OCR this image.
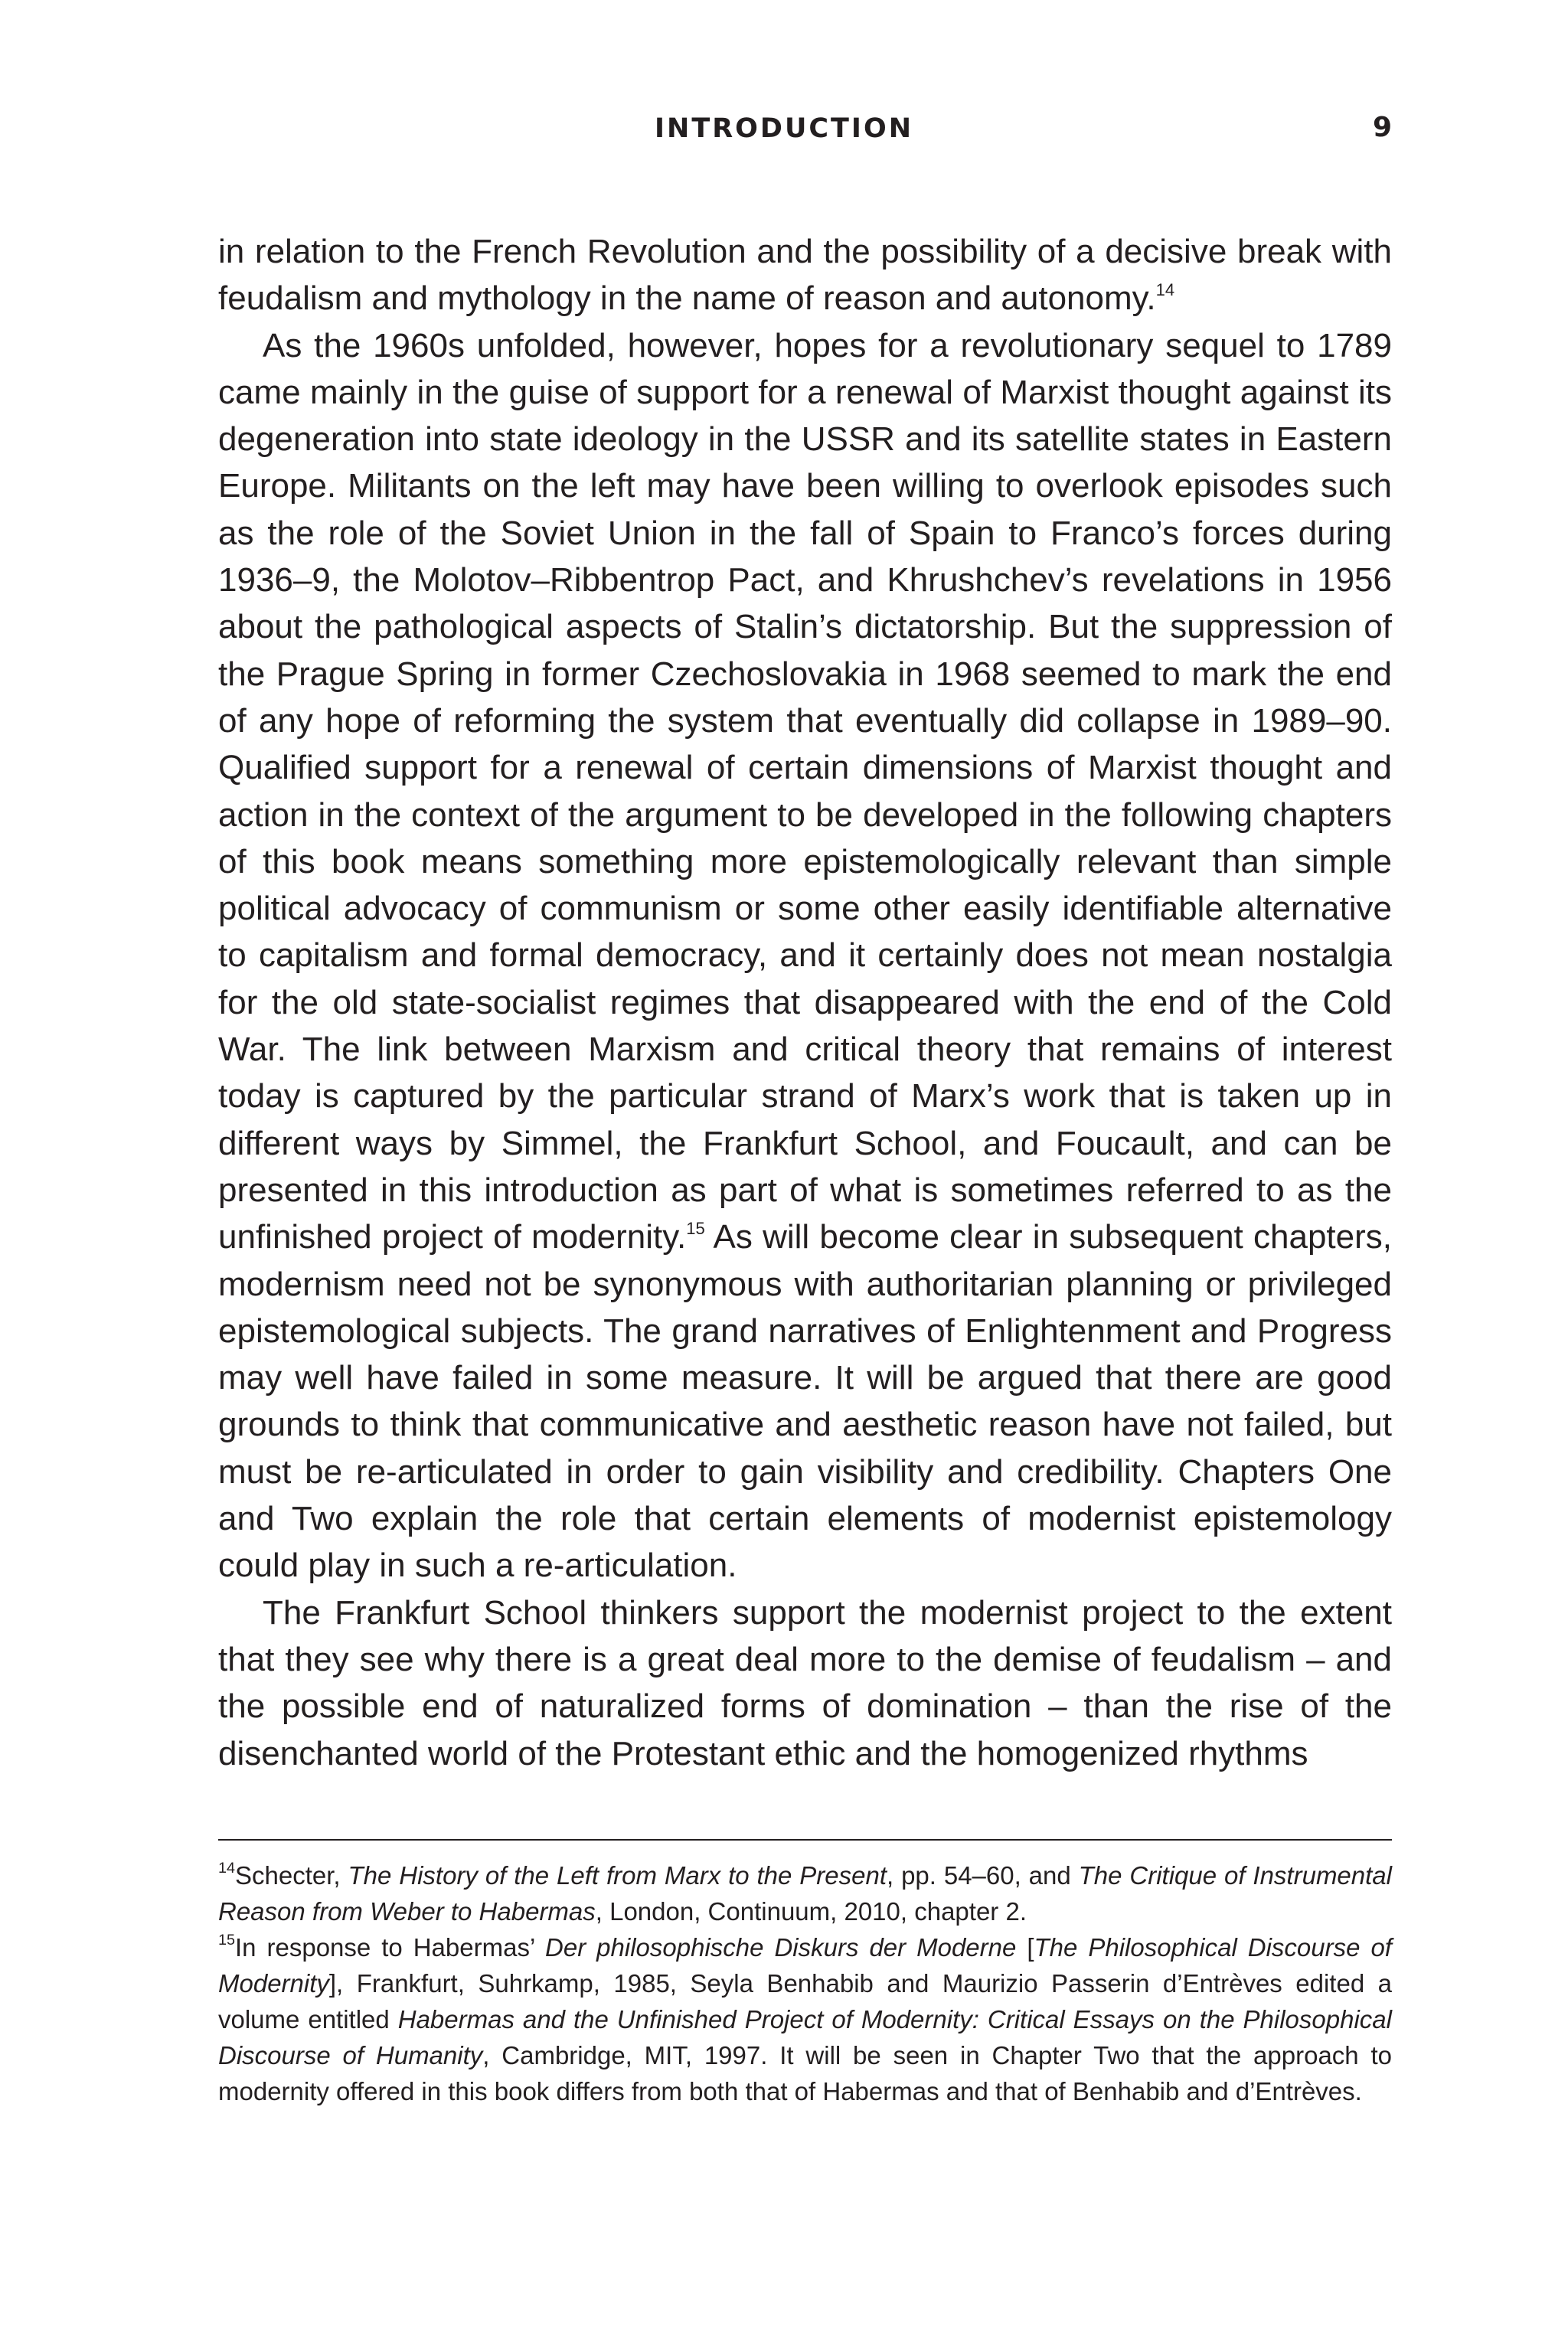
INTRODUCTION	9

in relation to the French Revolution and the possibility of a decisive break with feudalism and mythology in the name of reason and autonomy.$^{14}$

As the 1960s unfolded, however, hopes for a revolutionary sequel to 1789 came mainly in the guise of support for a renewal of Marxist thought against its degeneration into state ideology in the USSR and its satellite states in Eastern Europe. Militants on the left may have been willing to overlook episodes such as the role of the Soviet Union in the fall of Spain to Franco’s forces during 1936–9, the Molotov–Ribbentrop Pact, and Khrushchev’s revelations in 1956 about the pathological aspects of Stalin’s dictatorship. But the suppression of the Prague Spring in former Czechoslovakia in 1968 seemed to mark the end of any hope of reforming the system that eventually did collapse in 1989–90. Qualified support for a renewal of certain dimensions of Marxist thought and action in the context of the argument to be developed in the following chapters of this book means something more epistemologically relevant than simple political advocacy of communism or some other easily identifiable alternative to capitalism and formal democracy, and it certainly does not mean nostalgia for the old state-socialist regimes that disappeared with the end of the Cold War. The link between Marxism and critical theory that remains of interest today is captured by the particular strand of Marx’s work that is taken up in different ways by Simmel, the Frankfurt School, and Foucault, and can be presented in this introduction as part of what is sometimes referred to as the unfinished project of modernity.$^{15}$ As will become clear in subsequent chapters, modernism need not be synonymous with authoritarian planning or privileged epistemological subjects. The grand narratives of Enlightenment and Progress may well have failed in some measure. It will be argued that there are good grounds to think that communicative and aesthetic reason have not failed, but must be re-articulated in order to gain visibility and credibility. Chapters One and Two explain the role that certain elements of modernist epistemology could play in such a re-articulation.

The Frankfurt School thinkers support the modernist project to the extent that they see why there is a great deal more to the demise of feudalism – and the possible end of naturalized forms of domination – than the rise of the disenchanted world of the Protestant ethic and the homogenized rhythms

$^{14}$Schecter, The History of the Left from Marx to the Present, pp. 54–60, and The Critique of Instrumental Reason from Weber to Habermas, London, Continuum, 2010, chapter 2.

$^{15}$In response to Habermas’ Der philosophische Diskurs der Moderne [The Philosophical Discourse of Modernity], Frankfurt, Suhrkamp, 1985, Seyla Benhabib and Maurizio Passerin d’Entrèves edited a volume entitled Habermas and the Unfinished Project of Modernity: Critical Essays on the Philosophical Discourse of Humanity, Cambridge, MIT, 1997. It will be seen in Chapter Two that the approach to modernity offered in this book differs from both that of Habermas and that of Benhabib and d’Entrèves.
